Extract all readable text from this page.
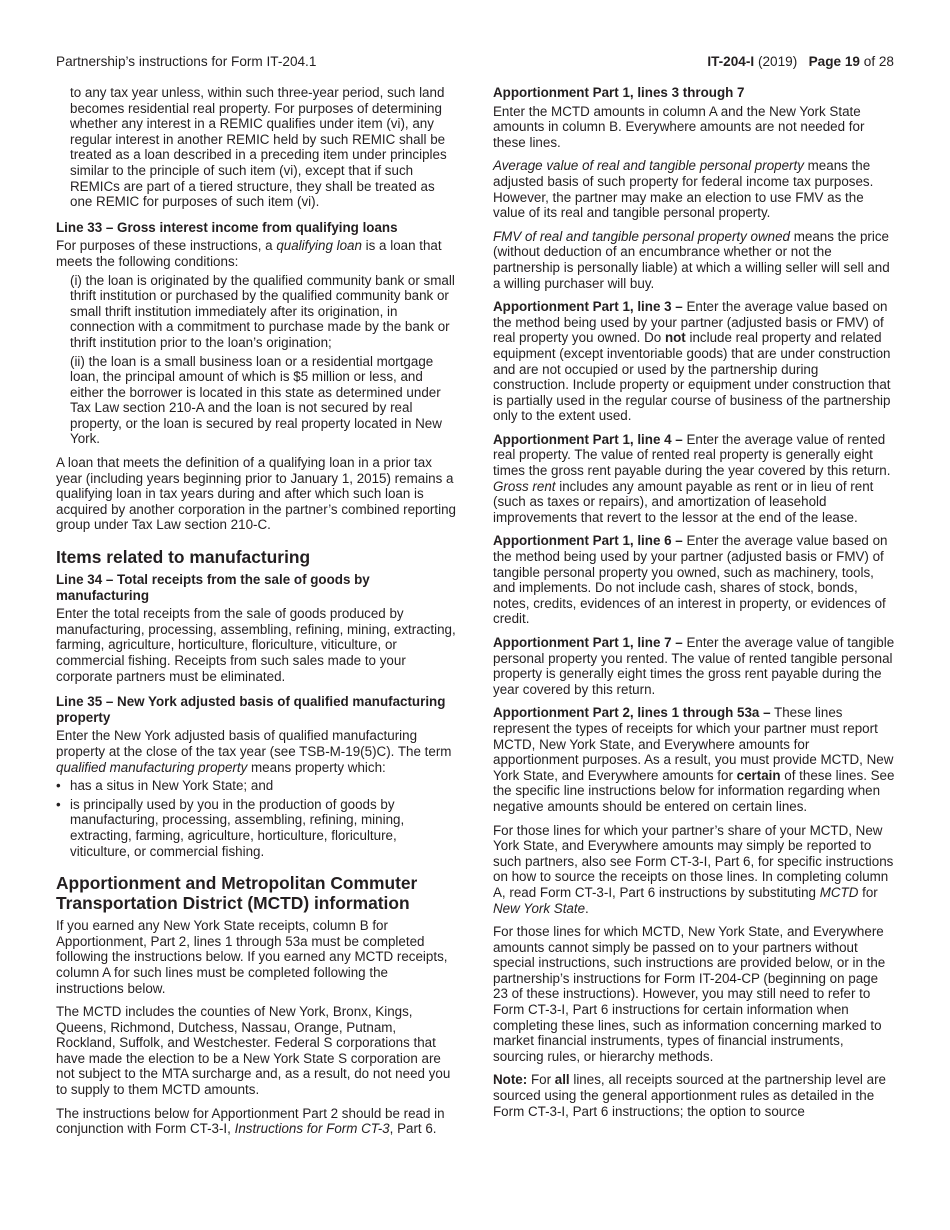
Partnership’s instructions for Form IT-204.1	IT-204-I (2019) Page 19 of 28

to any tax year unless, within such three-year period, such land becomes residential real property. For purposes of determining whether any interest in a REMIC qualifies under item (vi), any regular interest in another REMIC held by such REMIC shall be treated as a loan described in a preceding item under principles similar to the principle of such item (vi), except that if such REMICs are part of a tiered structure, they shall be treated as one REMIC for purposes of such item (vi).

Line 33 – Gross interest income from qualifying loans

For purposes of these instructions, a qualifying loan is a loan that meets the following conditions:

(i) the loan is originated by the qualified community bank or small thrift institution or purchased by the qualified community bank or small thrift institution immediately after its origination, in connection with a commitment to purchase made by the bank or thrift institution prior to the loan’s origination;

(ii) the loan is a small business loan or a residential mortgage loan, the principal amount of which is $5 million or less, and either the borrower is located in this state as determined under Tax Law section 210-A and the loan is not secured by real property, or the loan is secured by real property located in New York.

A loan that meets the definition of a qualifying loan in a prior tax year (including years beginning prior to January 1, 2015) remains a qualifying loan in tax years during and after which such loan is acquired by another corporation in the partner’s combined reporting group under Tax Law section 210-C.

Items related to manufacturing
Line 34 – Total receipts from the sale of goods by manufacturing

Enter the total receipts from the sale of goods produced by manufacturing, processing, assembling, refining, mining, extracting, farming, agriculture, horticulture, floriculture, viticulture, or commercial fishing. Receipts from such sales made to your corporate partners must be eliminated.

Line 35 – New York adjusted basis of qualified manufacturing property

Enter the New York adjusted basis of qualified manufacturing property at the close of the tax year (see TSB-M-19(5)C). The term qualified manufacturing property means property which:

• has a situs in New York State; and
• is principally used by you in the production of goods by manufacturing, processing, assembling, refining, mining, extracting, farming, agriculture, horticulture, floriculture, viticulture, or commercial fishing.
Apportionment and Metropolitan Commuter Transportation District (MCTD) information

If you earned any New York State receipts, column B for Apportionment, Part 2, lines 1 through 53a must be completed following the instructions below. If you earned any MCTD receipts, column A for such lines must be completed following the instructions below.

The MCTD includes the counties of New York, Bronx, Kings, Queens, Richmond, Dutchess, Nassau, Orange, Putnam, Rockland, Suffolk, and Westchester. Federal S corporations that have made the election to be a New York State S corporation are not subject to the MTA surcharge and, as a result, do not need you to supply to them MCTD amounts.

The instructions below for Apportionment Part 2 should be read in conjunction with Form CT-3-I, Instructions for Form CT-3, Part 6.

Apportionment Part 1, lines 3 through 7

Enter the MCTD amounts in column A and the New York State amounts in column B. Everywhere amounts are not needed for these lines.

Average value of real and tangible personal property means the adjusted basis of such property for federal income tax purposes. However, the partner may make an election to use FMV as the value of its real and tangible personal property.

FMV of real and tangible personal property owned means the price (without deduction of an encumbrance whether or not the partnership is personally liable) at which a willing seller will sell and a willing purchaser will buy.

Apportionment Part 1, line 3 – Enter the average value based on the method being used by your partner (adjusted basis or FMV) of real property you owned. Do not include real property and related equipment (except inventoriable goods) that are under construction and are not occupied or used by the partnership during construction. Include property or equipment under construction that is partially used in the regular course of business of the partnership only to the extent used.

Apportionment Part 1, line 4 – Enter the average value of rented real property. The value of rented real property is generally eight times the gross rent payable during the year covered by this return. Gross rent includes any amount payable as rent or in lieu of rent (such as taxes or repairs), and amortization of leasehold improvements that revert to the lessor at the end of the lease.

Apportionment Part 1, line 6 – Enter the average value based on the method being used by your partner (adjusted basis or FMV) of tangible personal property you owned, such as machinery, tools, and implements. Do not include cash, shares of stock, bonds, notes, credits, evidences of an interest in property, or evidences of credit.

Apportionment Part 1, line 7 – Enter the average value of tangible personal property you rented. The value of rented tangible personal property is generally eight times the gross rent payable during the year covered by this return.

Apportionment Part 2, lines 1 through 53a – These lines represent the types of receipts for which your partner must report MCTD, New York State, and Everywhere amounts for apportionment purposes. As a result, you must provide MCTD, New York State, and Everywhere amounts for certain of these lines. See the specific line instructions below for information regarding when negative amounts should be entered on certain lines.

For those lines for which your partner’s share of your MCTD, New York State, and Everywhere amounts may simply be reported to such partners, also see Form CT-3-I, Part 6, for specific instructions on how to source the receipts on those lines. In completing column A, read Form CT-3-I, Part 6 instructions by substituting MCTD for New York State.

For those lines for which MCTD, New York State, and Everywhere amounts cannot simply be passed on to your partners without special instructions, such instructions are provided below, or in the partnership’s instructions for Form IT-204-CP (beginning on page 23 of these instructions). However, you may still need to refer to Form CT-3-I, Part 6 instructions for certain information when completing these lines, such as information concerning marked to market financial instruments, types of financial instruments, sourcing rules, or hierarchy methods.

Note: For all lines, all receipts sourced at the partnership level are sourced using the general apportionment rules as detailed in the Form CT-3-I, Part 6 instructions; the option to source
